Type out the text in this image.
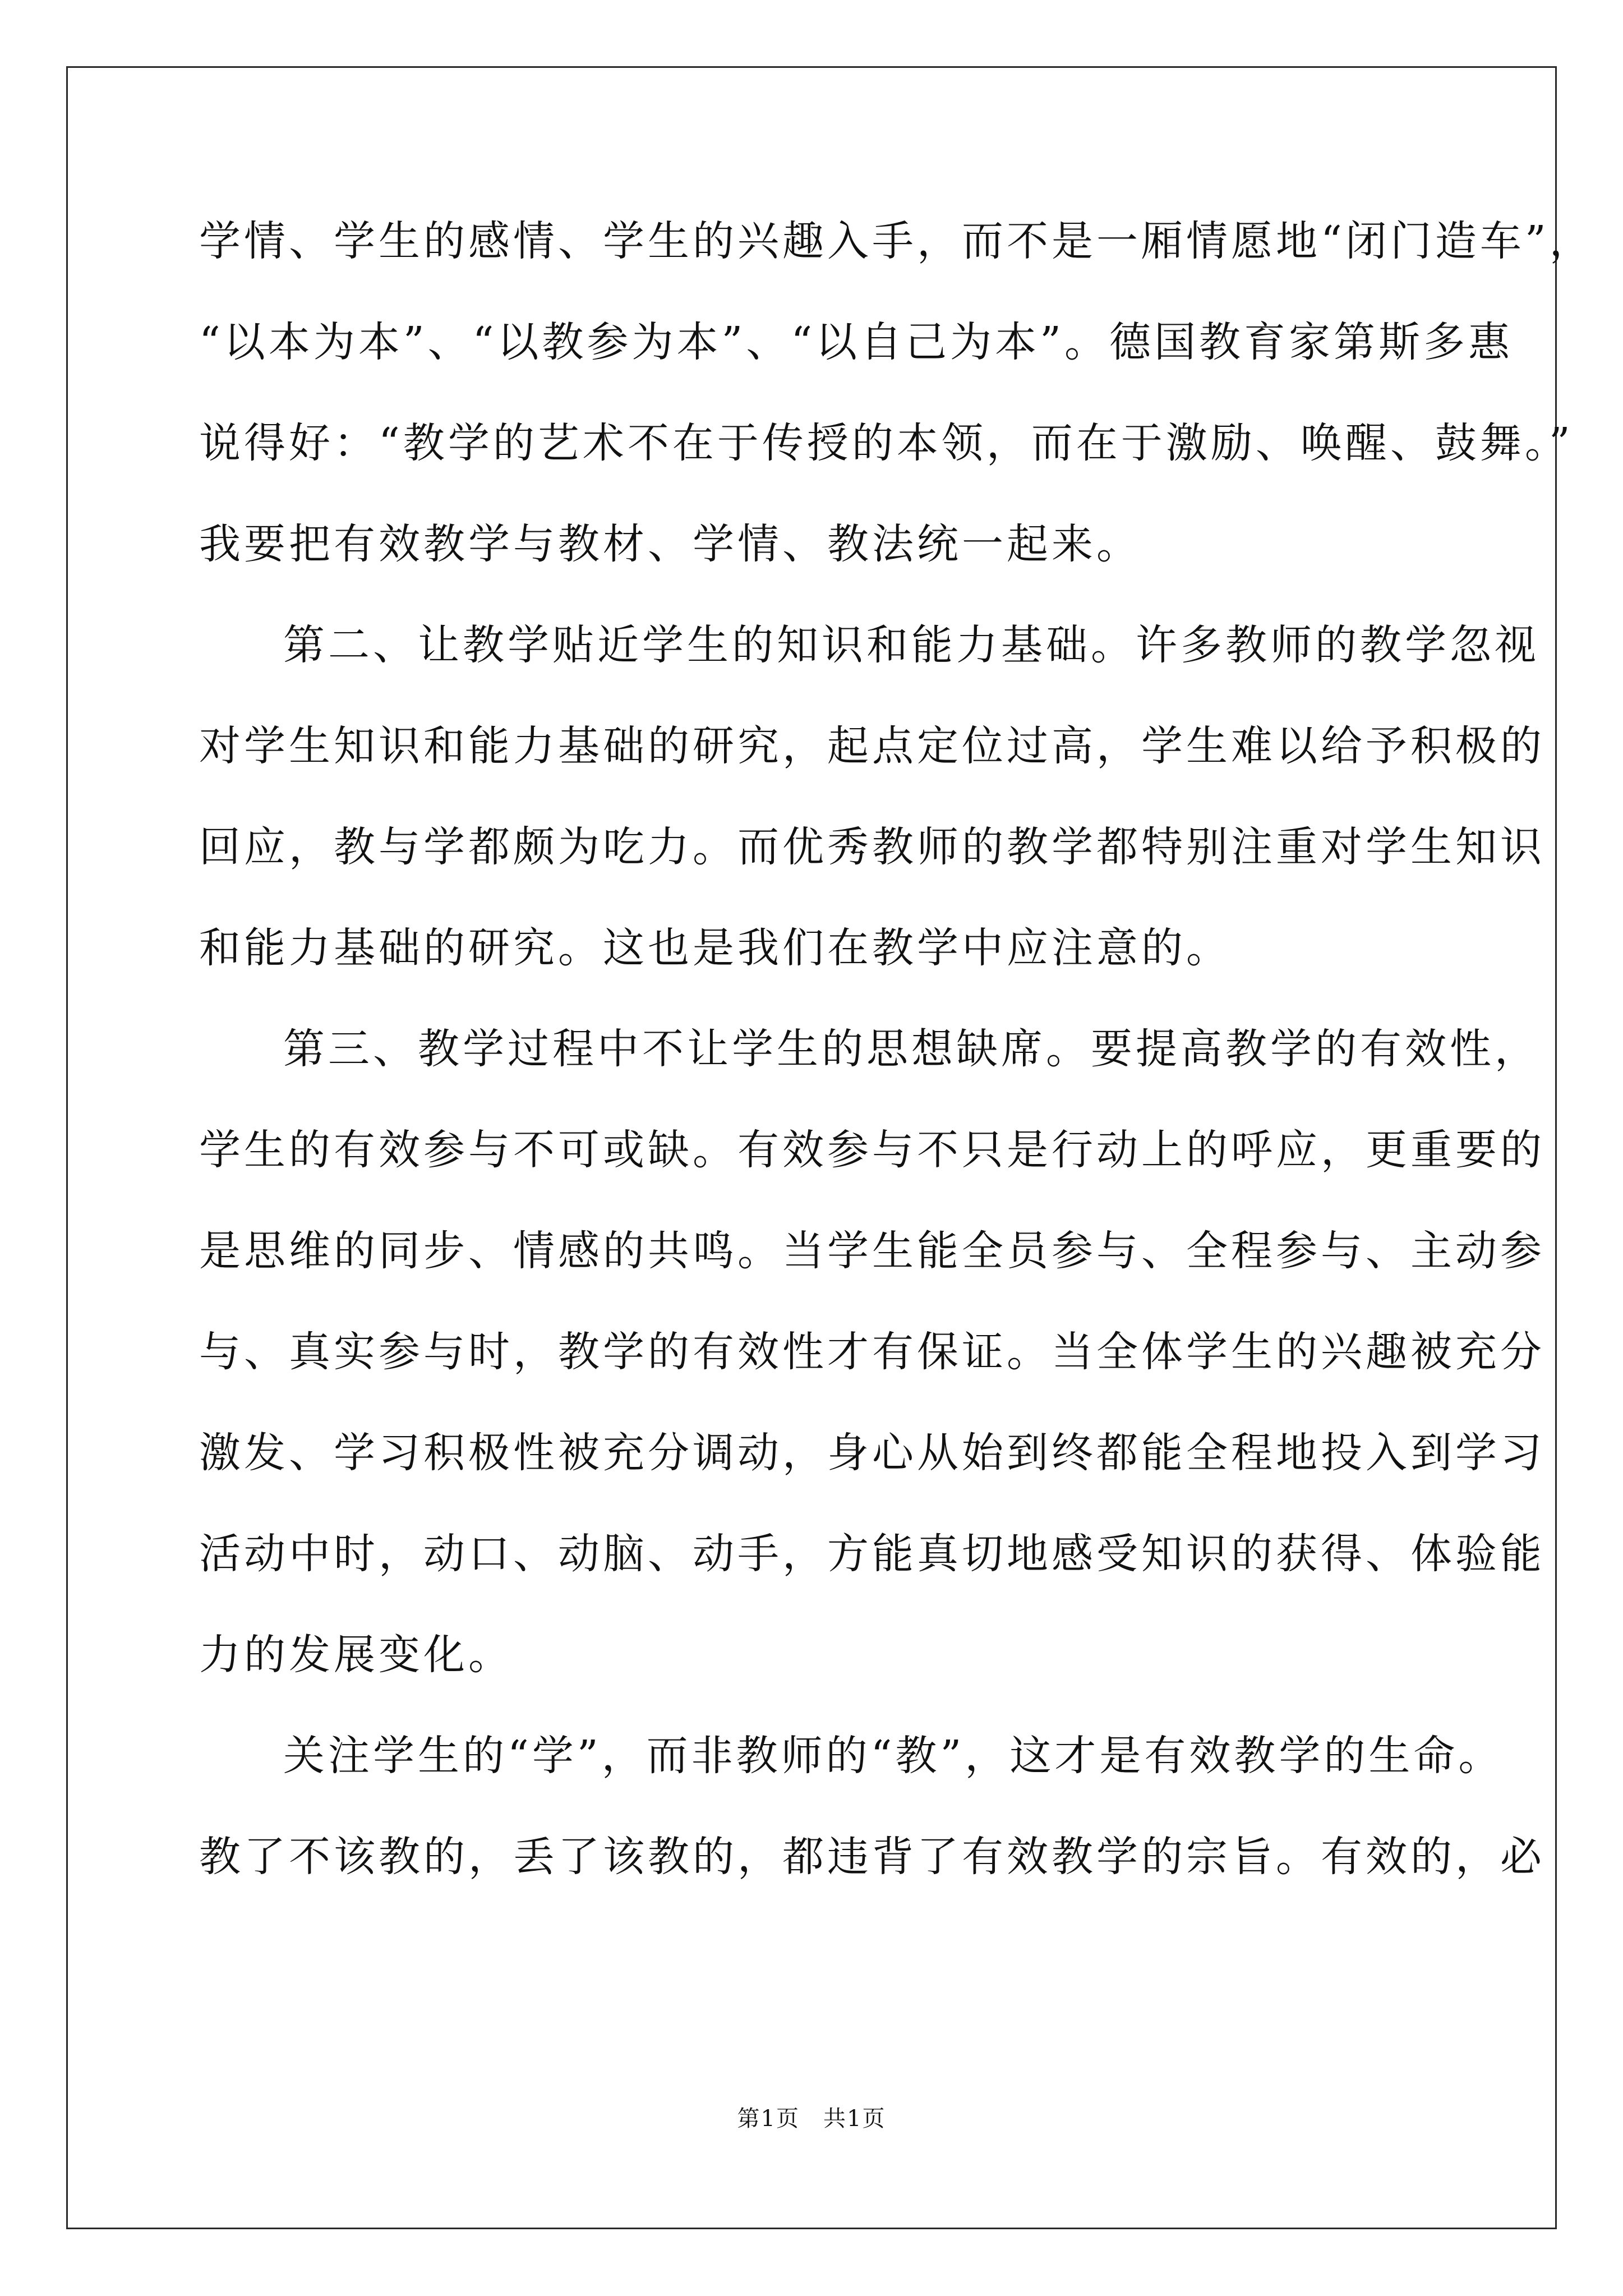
学情、学生的感情、学生的兴趣入手，而不是一厢情愿地“闭门造车”，
“以本为本”、“以教参为本”、“以自己为本”。德国教育家第斯多惠
说得好：“教学的艺术不在于传授的本领，而在于激励、唤醒、鼓舞。”
我要把有效教学与教材、学情、教法统一起来。
第二、让教学贴近学生的知识和能力基础。许多教师的教学忽视
对学生知识和能力基础的研究，起点定位过高，学生难以给予积极的
回应，教与学都颇为吃力。而优秀教师的教学都特别注重对学生知识
和能力基础的研究。这也是我们在教学中应注意的。
第三、教学过程中不让学生的思想缺席。要提高教学的有效性，
学生的有效参与不可或缺。有效参与不只是行动上的呼应，更重要的
是思维的同步、情感的共鸣。当学生能全员参与、全程参与、主动参
与、真实参与时，教学的有效性才有保证。当全体学生的兴趣被充分
激发、学习积极性被充分调动，身心从始到终都能全程地投入到学习
活动中时，动口、动脑、动手，方能真切地感受知识的获得、体验能
力的发展变化。
关注学生的“学”，而非教师的“教”，这才是有效教学的生命。
教了不该教的，丢了该教的，都违背了有效教学的宗旨。有效的，必
第1页　共1页
